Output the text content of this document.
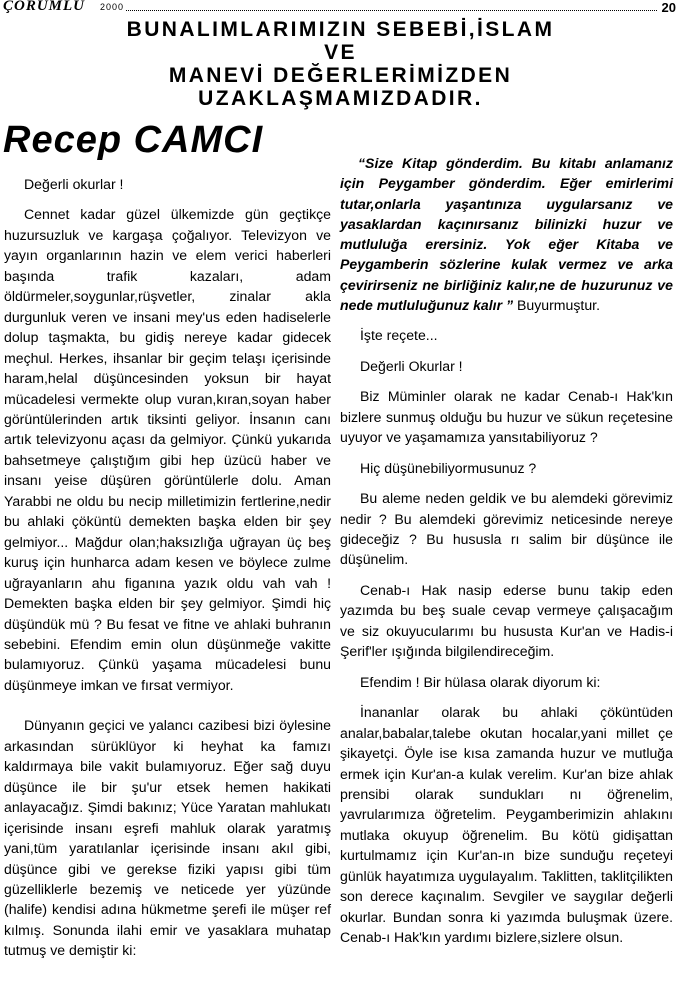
ÇORUMLU 2000	20
BUNALIMLARIMIZIN SEBEBİ,İSLAM
VE
MANEVİ DEĞERLERİMİZDEN
UZAKLAŞMAMIZDADIR.
Recep CAMCI

Değerli okurlar !

Cennet kadar güzel ülkemizde gün geçtikçe huzursuzluk ve kargaşa çoğalıyor. Televizyon ve yayın organlarının hazin ve elem verici haberleri başında trafik kazaları, adam öldürmeler,soygunlar,rüşvetler, zinalar akla durgunluk veren ve insani mey'us eden hadiselerle dolup taşmakta, bu gidiş nereye kadar gidecek meçhul. Herkes, ihsanlar bir geçim telaşı içerisinde haram,helal düşüncesinden yoksun bir hayat mücadelesi vermekte olup vuran,kıran,soyan haber görüntülerinden artık tiksinti geliyor. İnsanın canı artık televizyonu açası da gelmiyor. Çünkü yukarıda bahsetmeye çalıştığım gibi hep üzücü haber ve insanı yeise düşüren görüntülerle dolu. Aman Yarabbi ne oldu bu necip milletimizin fertlerine,nedir bu ahlaki çöküntü demekten başka elden bir şey gelmiyor... Mağdur olan;haksızlığa uğrayan üç beş kuruş için hunharca adam kesen ve böylece zulme uğrayanların ahu figanına yazık oldu vah vah ! Demekten başka elden bir şey gelmiyor. Şimdi hiç düşündük mü ? Bu fesat ve fitne ve ahlaki buhranın sebebini. Efendim emin olun düşünmeğe vakitte bulamıyoruz. Çünkü yaşama mücadelesi bunu düşünmeye imkan ve fırsat vermiyor.

Dünyanın geçici ve yalancı cazibesi bizi öylesine arkasından sürüklüyor ki heyhat ka famızı kaldırmaya bile vakit bulamıyoruz. Eğer sağ duyu düşünce ile bir şu'ur etsek hemen hakikati anlayacağız. Şimdi bakınız; Yüce Yaratan mahlukatı içerisinde insanı eşrefi mahluk olarak yaratmış yani,tüm yaratılanlar içerisinde insanı akıl gibi, düşünce gibi ve gerekse fiziki yapısı gibi tüm güzelliklerle bezemiş ve neticede yer yüzünde (halife) kendisi adına hükmetme şerefi ile müşer ref kılmış. Sonunda ilahi emir ve yasaklara muhatap tutmuş ve demiştir ki:

“Size Kitap gönderdim. Bu kitabı anlamanız için Peygamber gönderdim. Eğer emirlerimi tutar,onlarla yaşantınıza uygularsanız ve yasaklardan kaçınırsanız bilinizki huzur ve mutluluğa erersiniz. Yok eğer Kitaba ve Peygamberin sözlerine kulak vermez ve arka çevirirseniz ne birliğiniz kalır,ne de huzurunuz ve nede mutluluğunuz kalır ” Buyurmuştur.

İşte reçete...

Değerli Okurlar !

Biz Müminler olarak ne kadar Cenab-ı Hak'kın bizlere sunmuş olduğu bu huzur ve sükun reçetesine uyuyor ve yaşamamıza yansıtabiliyoruz ?

Hiç düşünebiliyormusunuz ?

Bu aleme neden geldik ve bu alemdeki görevimiz nedir ? Bu alemdeki görevimiz neticesinde nereye gideceğiz ? Bu hususla rı salim bir düşünce ile düşünelim.

Cenab-ı Hak nasip ederse bunu takip eden yazımda bu beş suale cevap vermeye çalışacağım ve siz okuyucularımı bu hususta Kur'an ve Hadis-i Şerif'ler ışığında bilgilendireceğim.

Efendim ! Bir hülasa olarak diyorum ki:

İnananlar olarak bu ahlaki çöküntüden analar,babalar,talebe okutan hocalar,yani millet çe şikayetçi. Öyle ise kısa zamanda huzur ve mutluğa ermek için Kur'an-a kulak verelim. Kur'an bize ahlak prensibi olarak sundukları nı öğrenelim, yavrularımıza öğretelim. Peygamberimizin ahlakını mutlaka okuyup öğrenelim. Bu kötü gidişattan kurtulmamız için Kur'an-ın bize sunduğu reçeteyi günlük hayatımıza uygulayalım. Taklitten, taklitçilikten son derece kaçınalım. Sevgiler ve saygılar değerli okurlar. Bundan sonra ki yazımda buluşmak üzere. Cenab-ı Hak'kın yardımı bizlere,sizlere olsun.
